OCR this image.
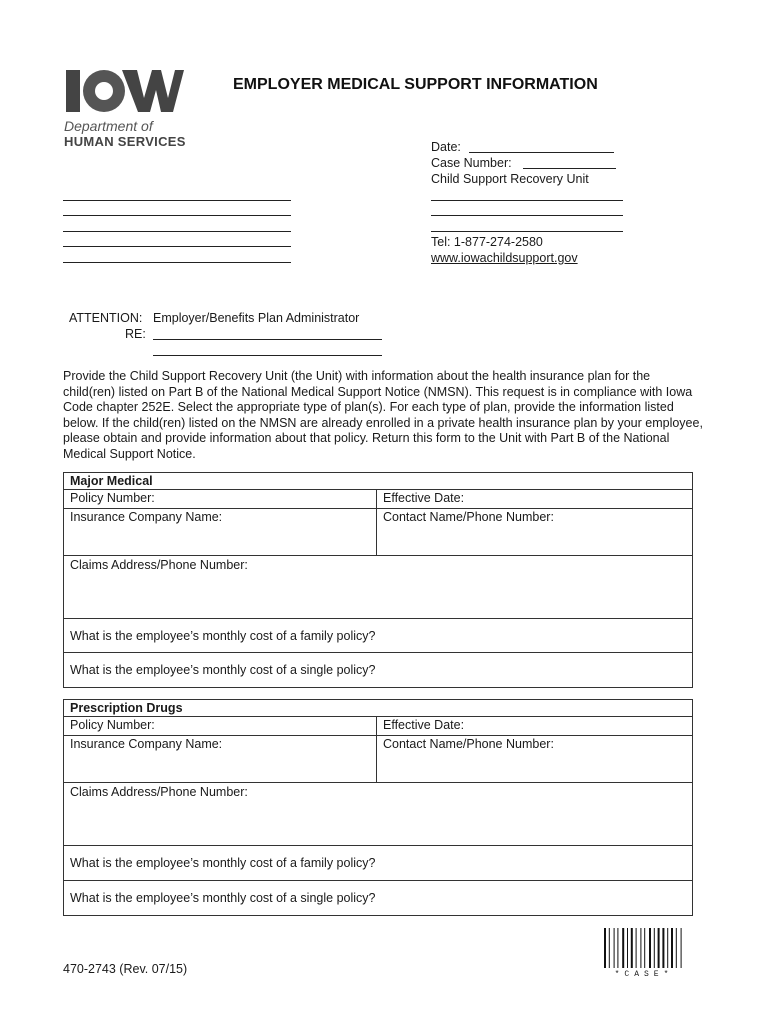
Department of
HUMAN SERVICES
EMPLOYER MEDICAL SUPPORT INFORMATION
Date:
Case Number:
Child Support Recovery Unit
Tel: 1-877-274-2580
www.iowachildsupport.gov
ATTENTION: Employer/Benefits Plan Administrator
RE:
Provide the Child Support Recovery Unit (the Unit) with information about the health insurance plan for the child(ren) listed on Part B of the National Medical Support Notice (NMSN). This request is in compliance with Iowa Code chapter 252E. Select the appropriate type of plan(s). For each type of plan, provide the information listed below. If the child(ren) listed on the NMSN are already enrolled in a private health insurance plan by your employee, please obtain and provide information about that policy. Return this form to the Unit with Part B of the National Medical Support Notice.
Major Medical
Policy Number:	Effective Date:
Insurance Company Name:	Contact Name/Phone Number:
Claims Address/Phone Number:
What is the employee’s monthly cost of a family policy?
What is the employee’s monthly cost of a single policy?
Prescription Drugs
Policy Number:	Effective Date:
Insurance Company Name:	Contact Name/Phone Number:
Claims Address/Phone Number:
What is the employee’s monthly cost of a family policy?
What is the employee’s monthly cost of a single policy?
*CASE*
470-2743 (Rev. 07/15)
